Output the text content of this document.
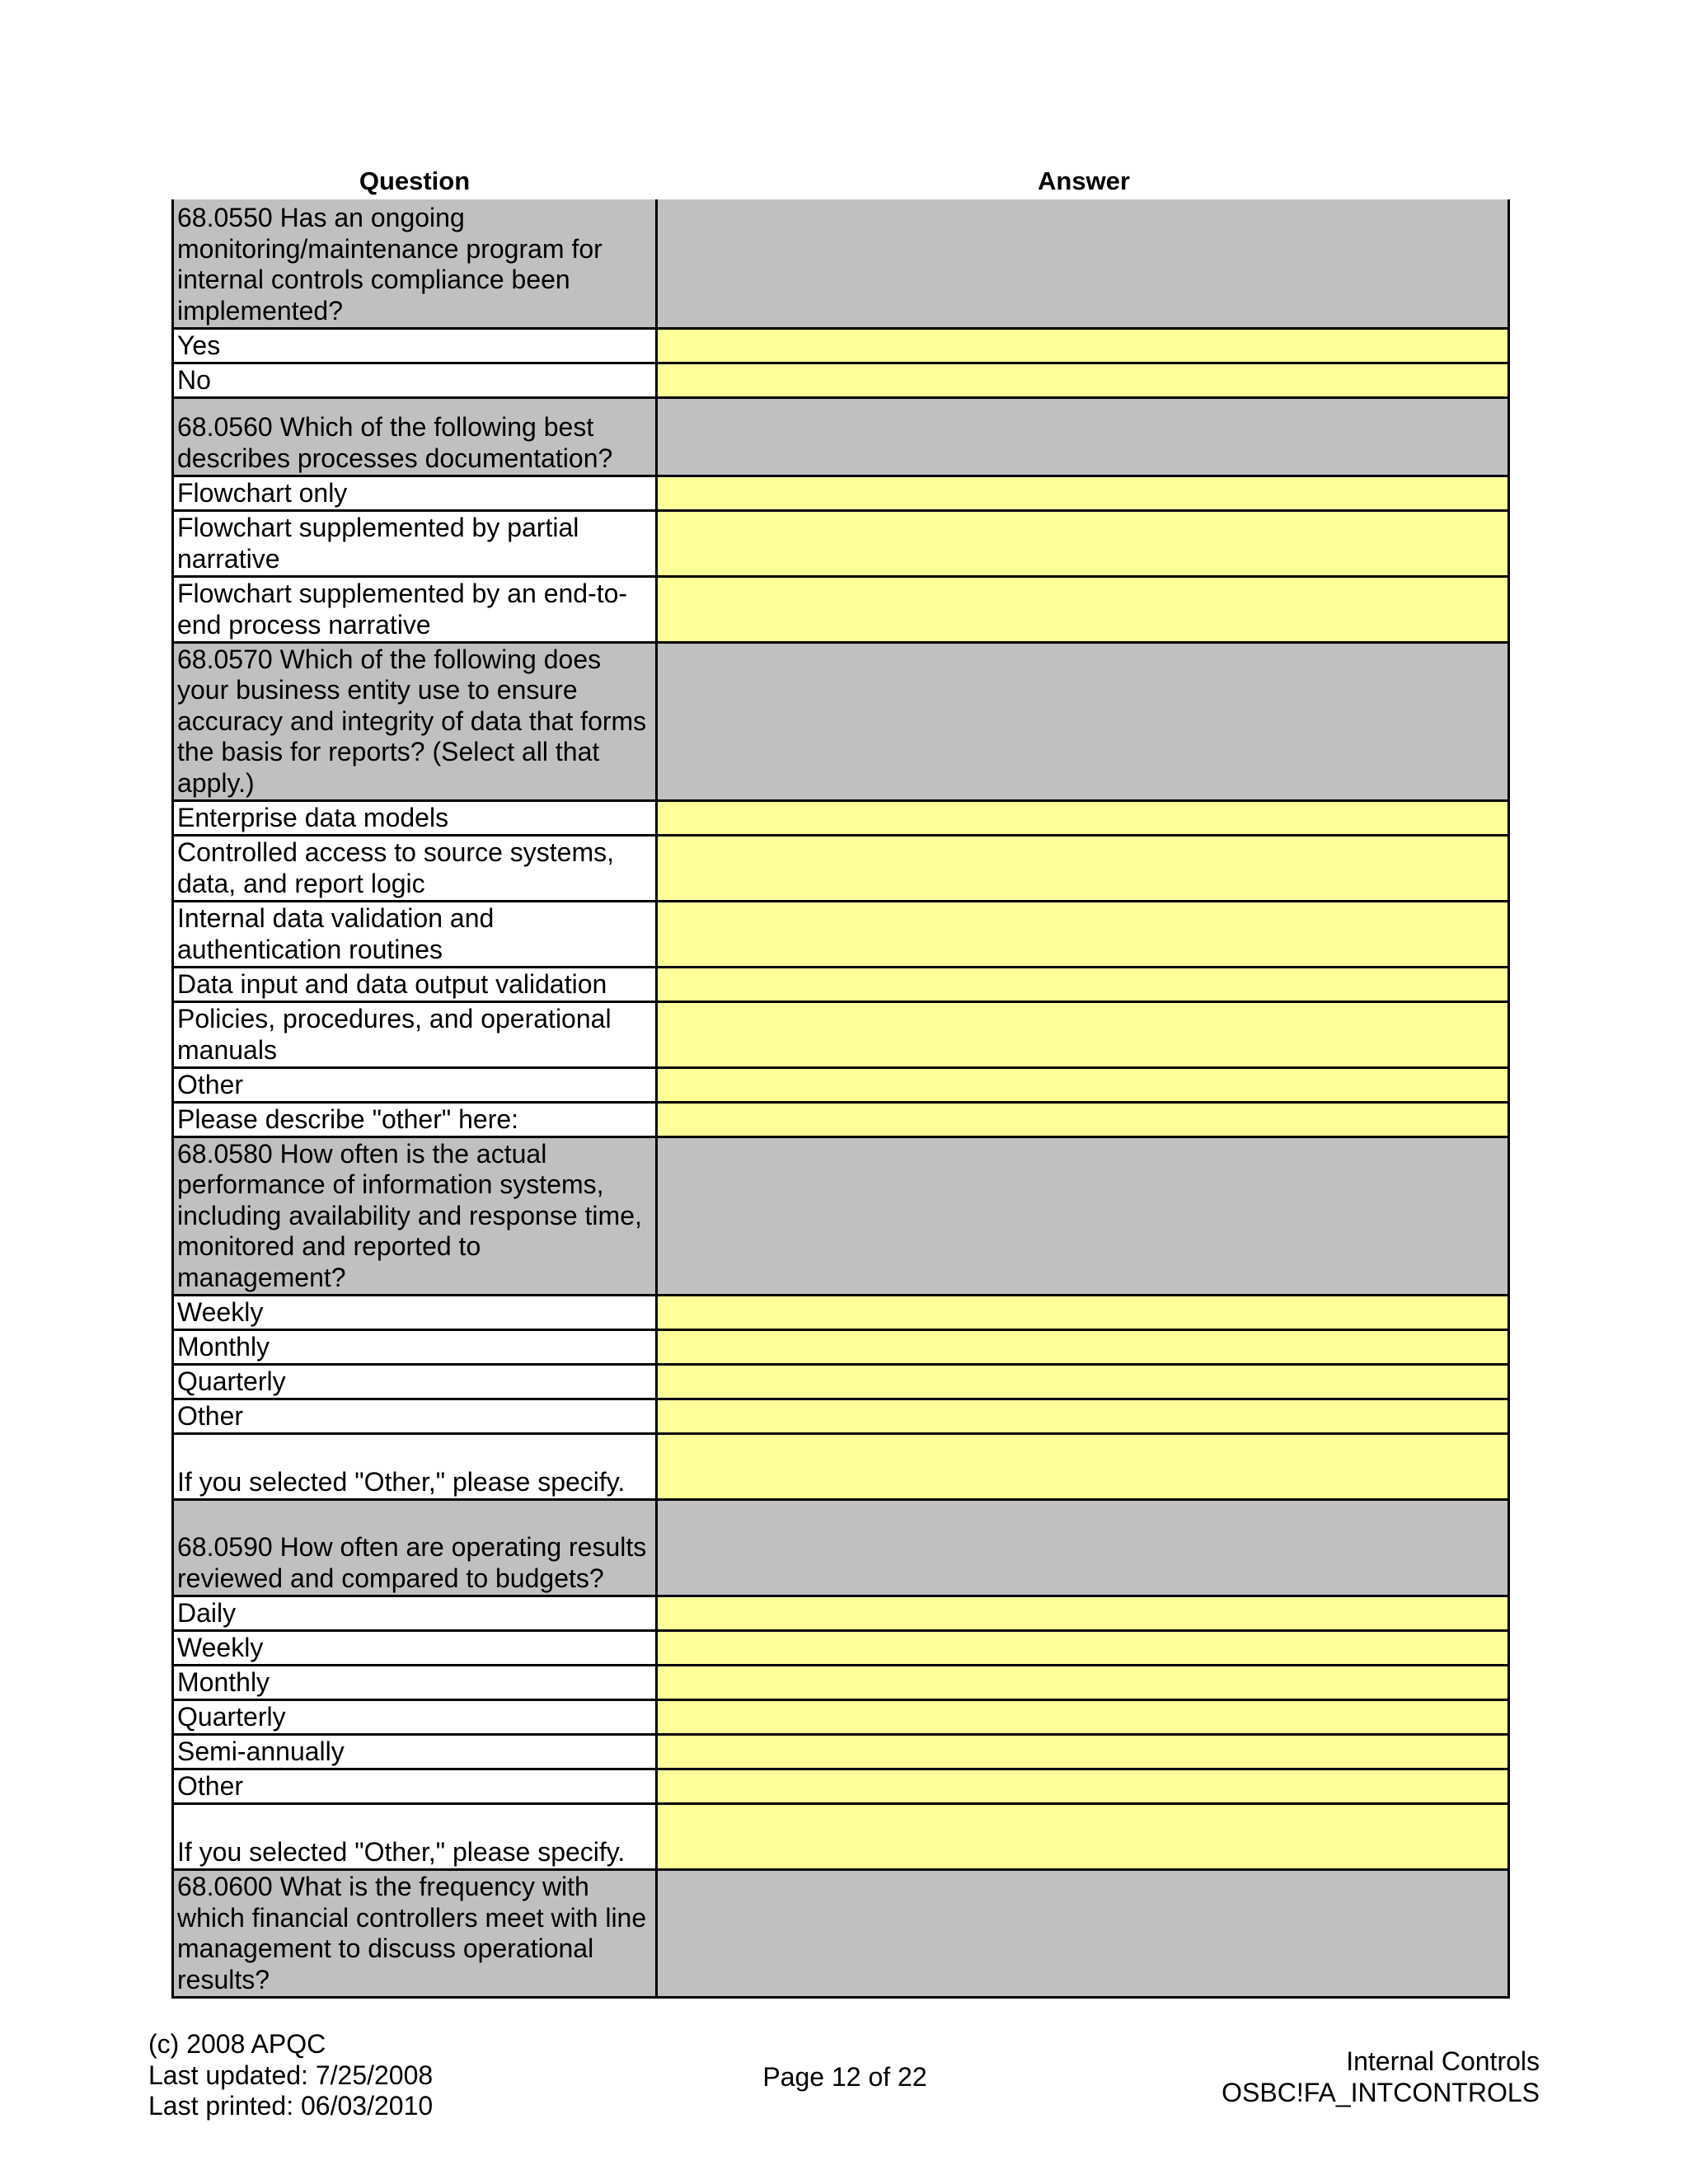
Question	Answer
68.0550 Has an ongoing monitoring/maintenance program for internal controls compliance been implemented?
Yes
No
68.0560 Which of the following best describes processes documentation?
Flowchart only
Flowchart supplemented by partial narrative
Flowchart supplemented by an end-to-end process narrative
68.0570 Which of the following does your business entity use to ensure accuracy and integrity of data that forms the basis for reports? (Select all that apply.)
Enterprise data models
Controlled access to source systems, data, and report logic
Internal data validation and authentication routines
Data input and data output validation
Policies, procedures, and operational manuals
Other
Please describe "other" here:
68.0580 How often is the actual performance of information systems, including availability and response time, monitored and reported to management?
Weekly
Monthly
Quarterly
Other
If you selected "Other," please specify.
68.0590 How often are operating results reviewed and compared to budgets?
Daily
Weekly
Monthly
Quarterly
Semi-annually
Other
If you selected "Other," please specify.
68.0600 What is the frequency with which financial controllers meet with line management to discuss operational results?
(c) 2008 APQC
Last updated: 7/25/2008
Last printed: 06/03/2010
Page 12 of 22
Internal Controls
OSBC!FA_INTCONTROLS
